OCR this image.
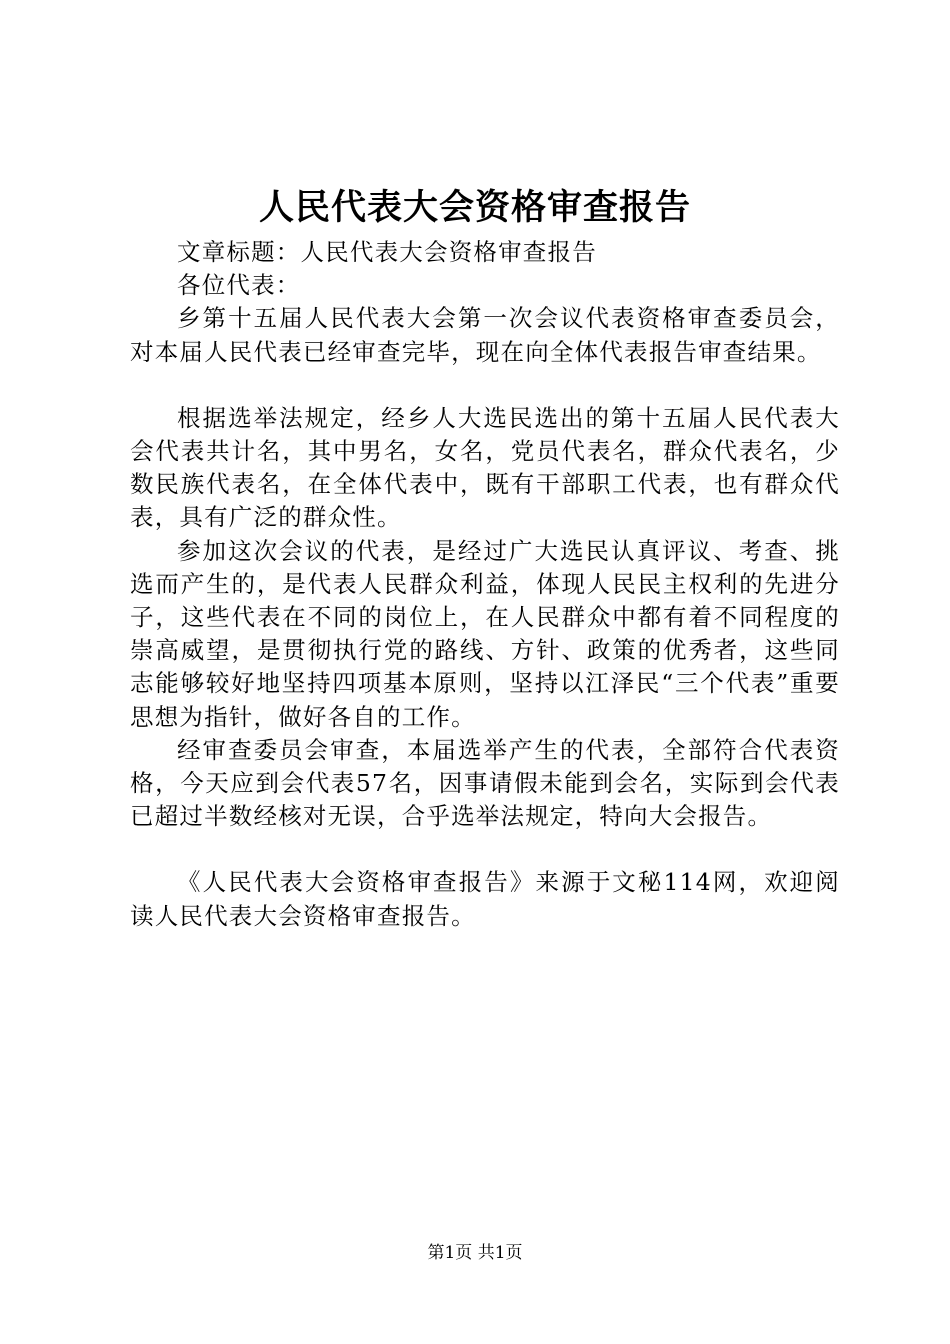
人民代表大会资格审查报告

文章标题：人民代表大会资格审查报告

各位代表：

乡第十五届人民代表大会第一次会议代表资格审查委员会，对本届人民代表已经审查完毕，现在向全体代表报告审查结果。

根据选举法规定，经乡人大选民选出的第十五届人民代表大会代表共计名，其中男名，女名，党员代表名，群众代表名，少数民族代表名，在全体代表中，既有干部职工代表，也有群众代表，具有广泛的群众性。

参加这次会议的代表，是经过广大选民认真评议、考查、挑选而产生的，是代表人民群众利益，体现人民民主权利的先进分子，这些代表在不同的岗位上，在人民群众中都有着不同程度的崇高威望，是贯彻执行党的路线、方针、政策的优秀者，这些同志能够较好地坚持四项基本原则，坚持以江泽民“三个代表”重要思想为指针，做好各自的工作。

经审查委员会审查，本届选举产生的代表，全部符合代表资格，今天应到会代表57名，因事请假未能到会名，实际到会代表已超过半数经核对无误，合乎选举法规定，特向大会报告。

《人民代表大会资格审查报告》来源于文秘114网，欢迎阅读人民代表大会资格审查报告。

第1页 共1页
